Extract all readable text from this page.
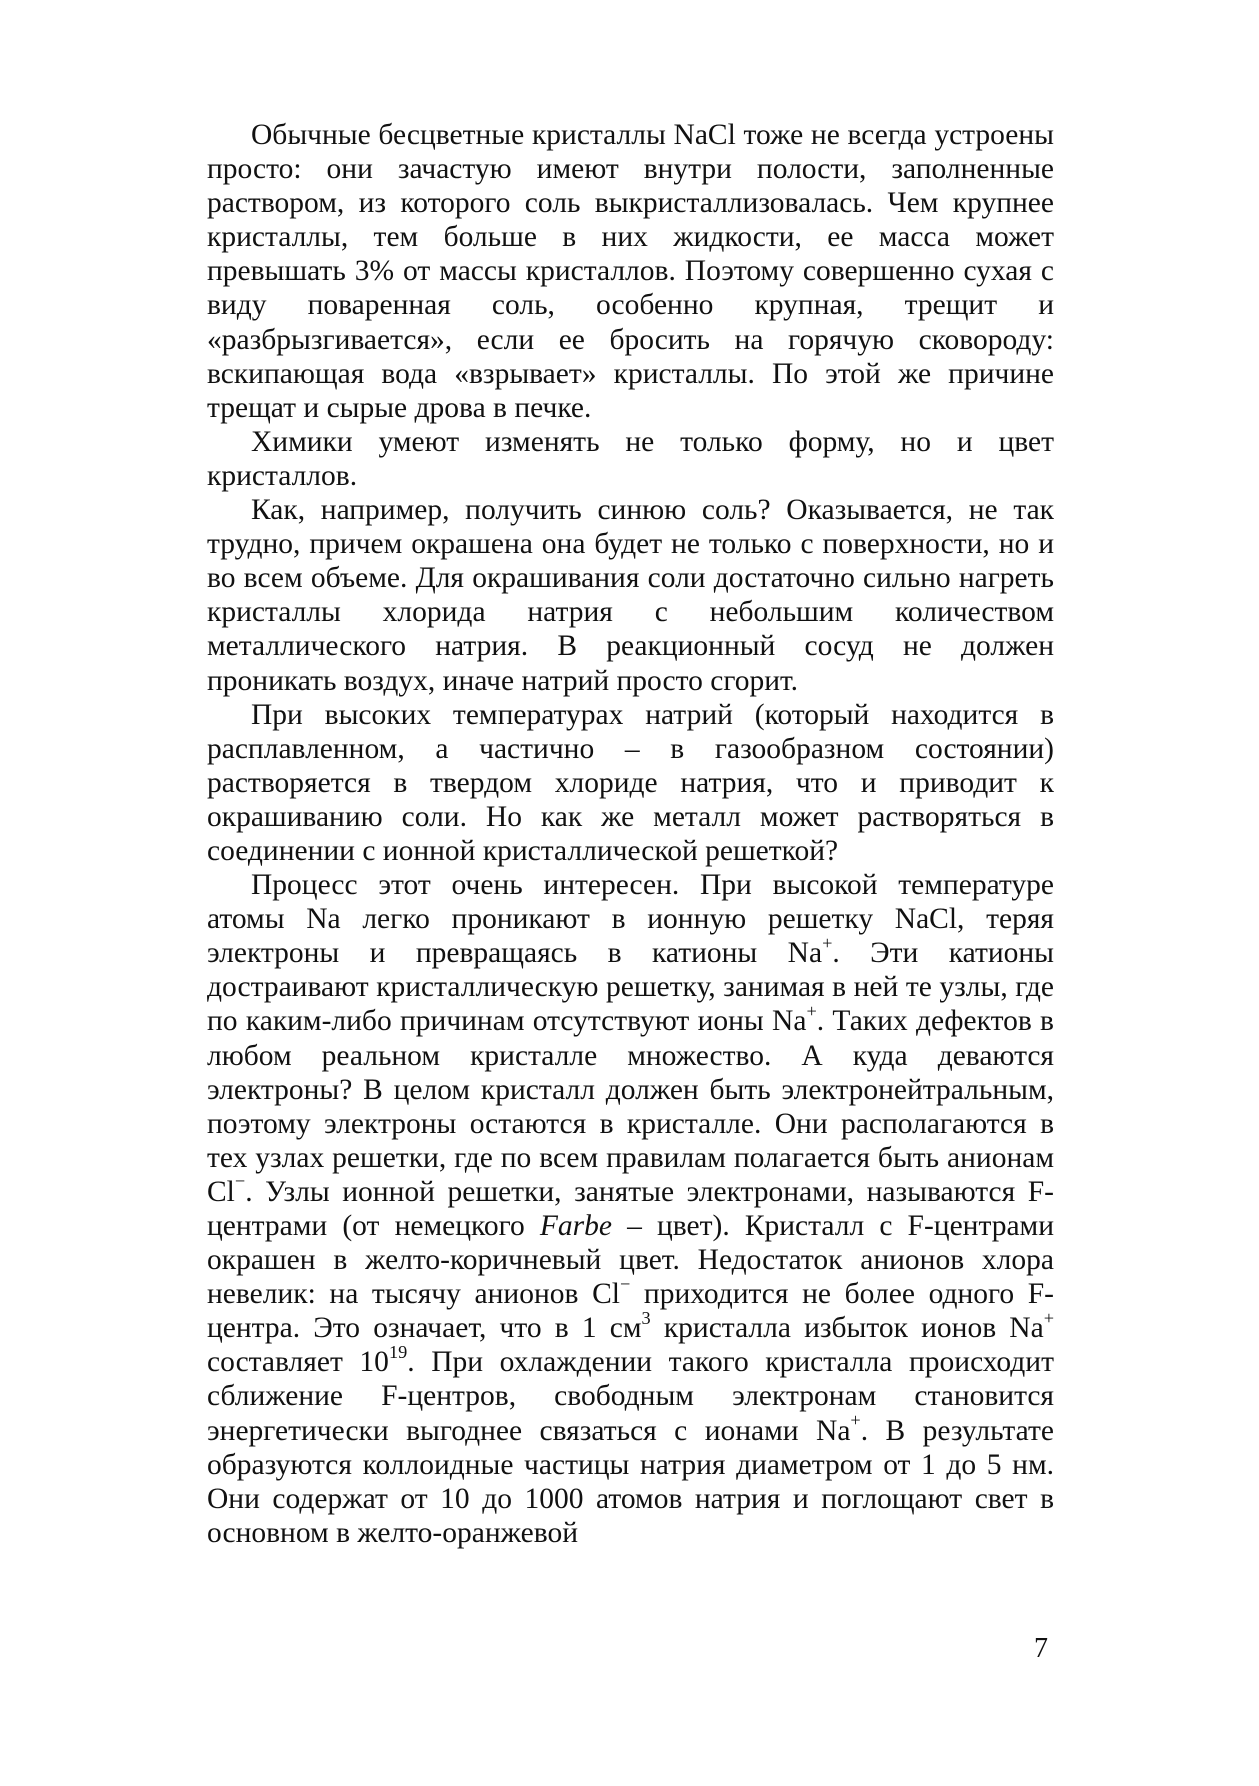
Обычные бесцветные кристаллы NaCl тоже не всегда устроены просто: они зачастую имеют внутри полости, заполненные раствором, из которого соль выкристаллизовалась. Чем крупнее кристаллы, тем больше в них жидкости, ее масса может превышать 3% от массы кристаллов. Поэтому совершенно сухая с виду поваренная соль, особенно крупная, трещит и «разбрызгивается», если ее бросить на горячую сковороду: вскипающая вода «взрывает» кристаллы. По этой же причине трещат и сырые дрова в печке.

Химики умеют изменять не только форму, но и цвет кристаллов.

Как, например, получить синюю соль? Оказывается, не так трудно, причем окрашена она будет не только с поверхности, но и во всем объеме. Для окрашивания соли достаточно сильно нагреть кристаллы хлорида натрия с небольшим количеством металлического натрия. В реакционный сосуд не должен проникать воздух, иначе натрий просто сгорит.

При высоких температурах натрий (который находится в расплавленном, а частично – в газообразном состоянии) растворяется в твердом хлориде натрия, что и приводит к окрашиванию соли. Но как же металл может растворяться в соединении с ионной кристаллической решеткой?

Процесс этот очень интересен. При высокой температуре атомы Na легко проникают в ионную решетку NaCl, теряя электроны и превращаясь в катионы Na+. Эти катионы достраивают кристаллическую решетку, занимая в ней те узлы, где по каким-либо причинам отсутствуют ионы Na+. Таких дефектов в любом реальном кристалле множество. А куда деваются электроны? В целом кристалл должен быть электронейтральным, поэтому электроны остаются в кристалле. Они располагаются в тех узлах решетки, где по всем правилам полагается быть анионам Cl−. Узлы ионной решетки, занятые электронами, называются F-центрами (от немецкого Farbe – цвет). Кристалл с F-центрами окрашен в желто-коричневый цвет. Недостаток анионов хлора невелик: на тысячу анионов Cl− приходится не более одного F-центра. Это означает, что в 1 $см^3$ кристалла избыток ионов Na+ составляет $10^{19}$. При охлаждении такого кристалла происходит сближение F-центров, свободным электронам становится энергетически выгоднее связаться с ионами Na+. В результате образуются коллоидные частицы натрия диаметром от 1 до 5 нм. Они содержат от 10 до 1000 атомов натрия и поглощают свет в основном в желто-оранжевой

7
